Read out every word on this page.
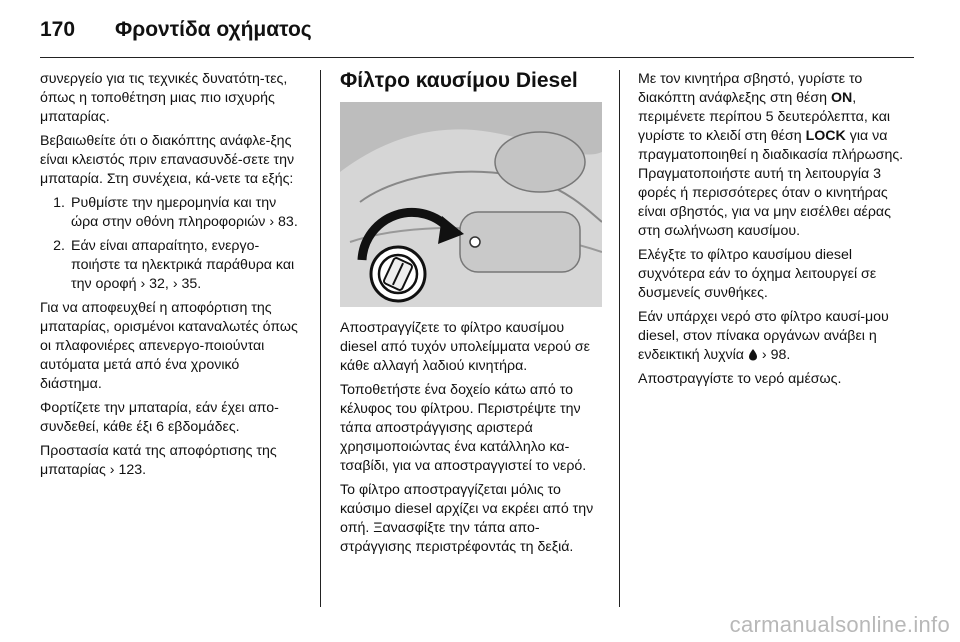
170	Φροντίδα οχήματος

συνεργείο για τις τεχνικές δυνατότη-τες, όπως η τοποθέτηση μιας πιο ισχυρής μπαταρίας.

Βεβαιωθείτε ότι ο διακόπτης ανάφλε-ξης είναι κλειστός πριν επανασυνδέ-σετε την μπαταρία. Στη συνέχεια, κά-νετε τα εξής:

1. Ρυθμίστε την ημερομηνία και την ώρα στην οθόνη πληροφοριών › 83.
2. Εάν είναι απαραίτητο, ενεργο-ποιήστε τα ηλεκτρικά παράθυρα και την οροφή › 32, › 35.

Για να αποφευχθεί η αποφόρτιση της μπαταρίας, ορισμένοι καταναλωτές όπως οι πλαφονιέρες απενεργο-ποιούνται αυτόματα μετά από ένα χρονικό διάστημα.

Φορτίζετε την μπαταρία, εάν έχει απο-συνδεθεί, κάθε έξι 6 εβδομάδες.

Προστασία κατά της αποφόρτισης της μπαταρίας › 123.

Φίλτρο καυσίμου Diesel

Αποστραγγίζετε το φίλτρο καυσίμου diesel από τυχόν υπολείμματα νερού σε κάθε αλλαγή λαδιού κινητήρα.

Τοποθετήστε ένα δοχείο κάτω από το κέλυφος του φίλτρου. Περιστρέψτε την τάπα αποστράγγισης αριστερά χρησιμοποιώντας ένα κατάλληλο κα-τσαβίδι, για να αποστραγγιστεί το νερό.

Το φίλτρο αποστραγγίζεται μόλις το καύσιμο diesel αρχίζει να εκρέει από την οπή. Ξανασφίξτε την τάπα απο-στράγγισης περιστρέφοντάς τη δεξιά.

Με τον κινητήρα σβηστό, γυρίστε το διακόπτη ανάφλεξης στη θέση ON, περιμένετε περίπου 5 δευτερόλεπτα, και γυρίστε το κλειδί στη θέση LOCK για να πραγματοποιηθεί η διαδικασία πλήρωσης. Πραγματοποιήστε αυτή τη λειτουργία 3 φορές ή περισσότερες όταν ο κινητήρας είναι σβηστός, για να μην εισέλθει αέρας στη σωλήνωση καυσίμου.

Ελέγξτε το φίλτρο καυσίμου diesel συχνότερα εάν το όχημα λειτουργεί σε δυσμενείς συνθήκες.

Εάν υπάρχει νερό στο φίλτρο καυσί-μου diesel, στον πίνακα οργάνων ανάβει η ενδεικτική λυχνία › 98.

Αποστραγγίστε το νερό αμέσως.

carmanualsonline.info
